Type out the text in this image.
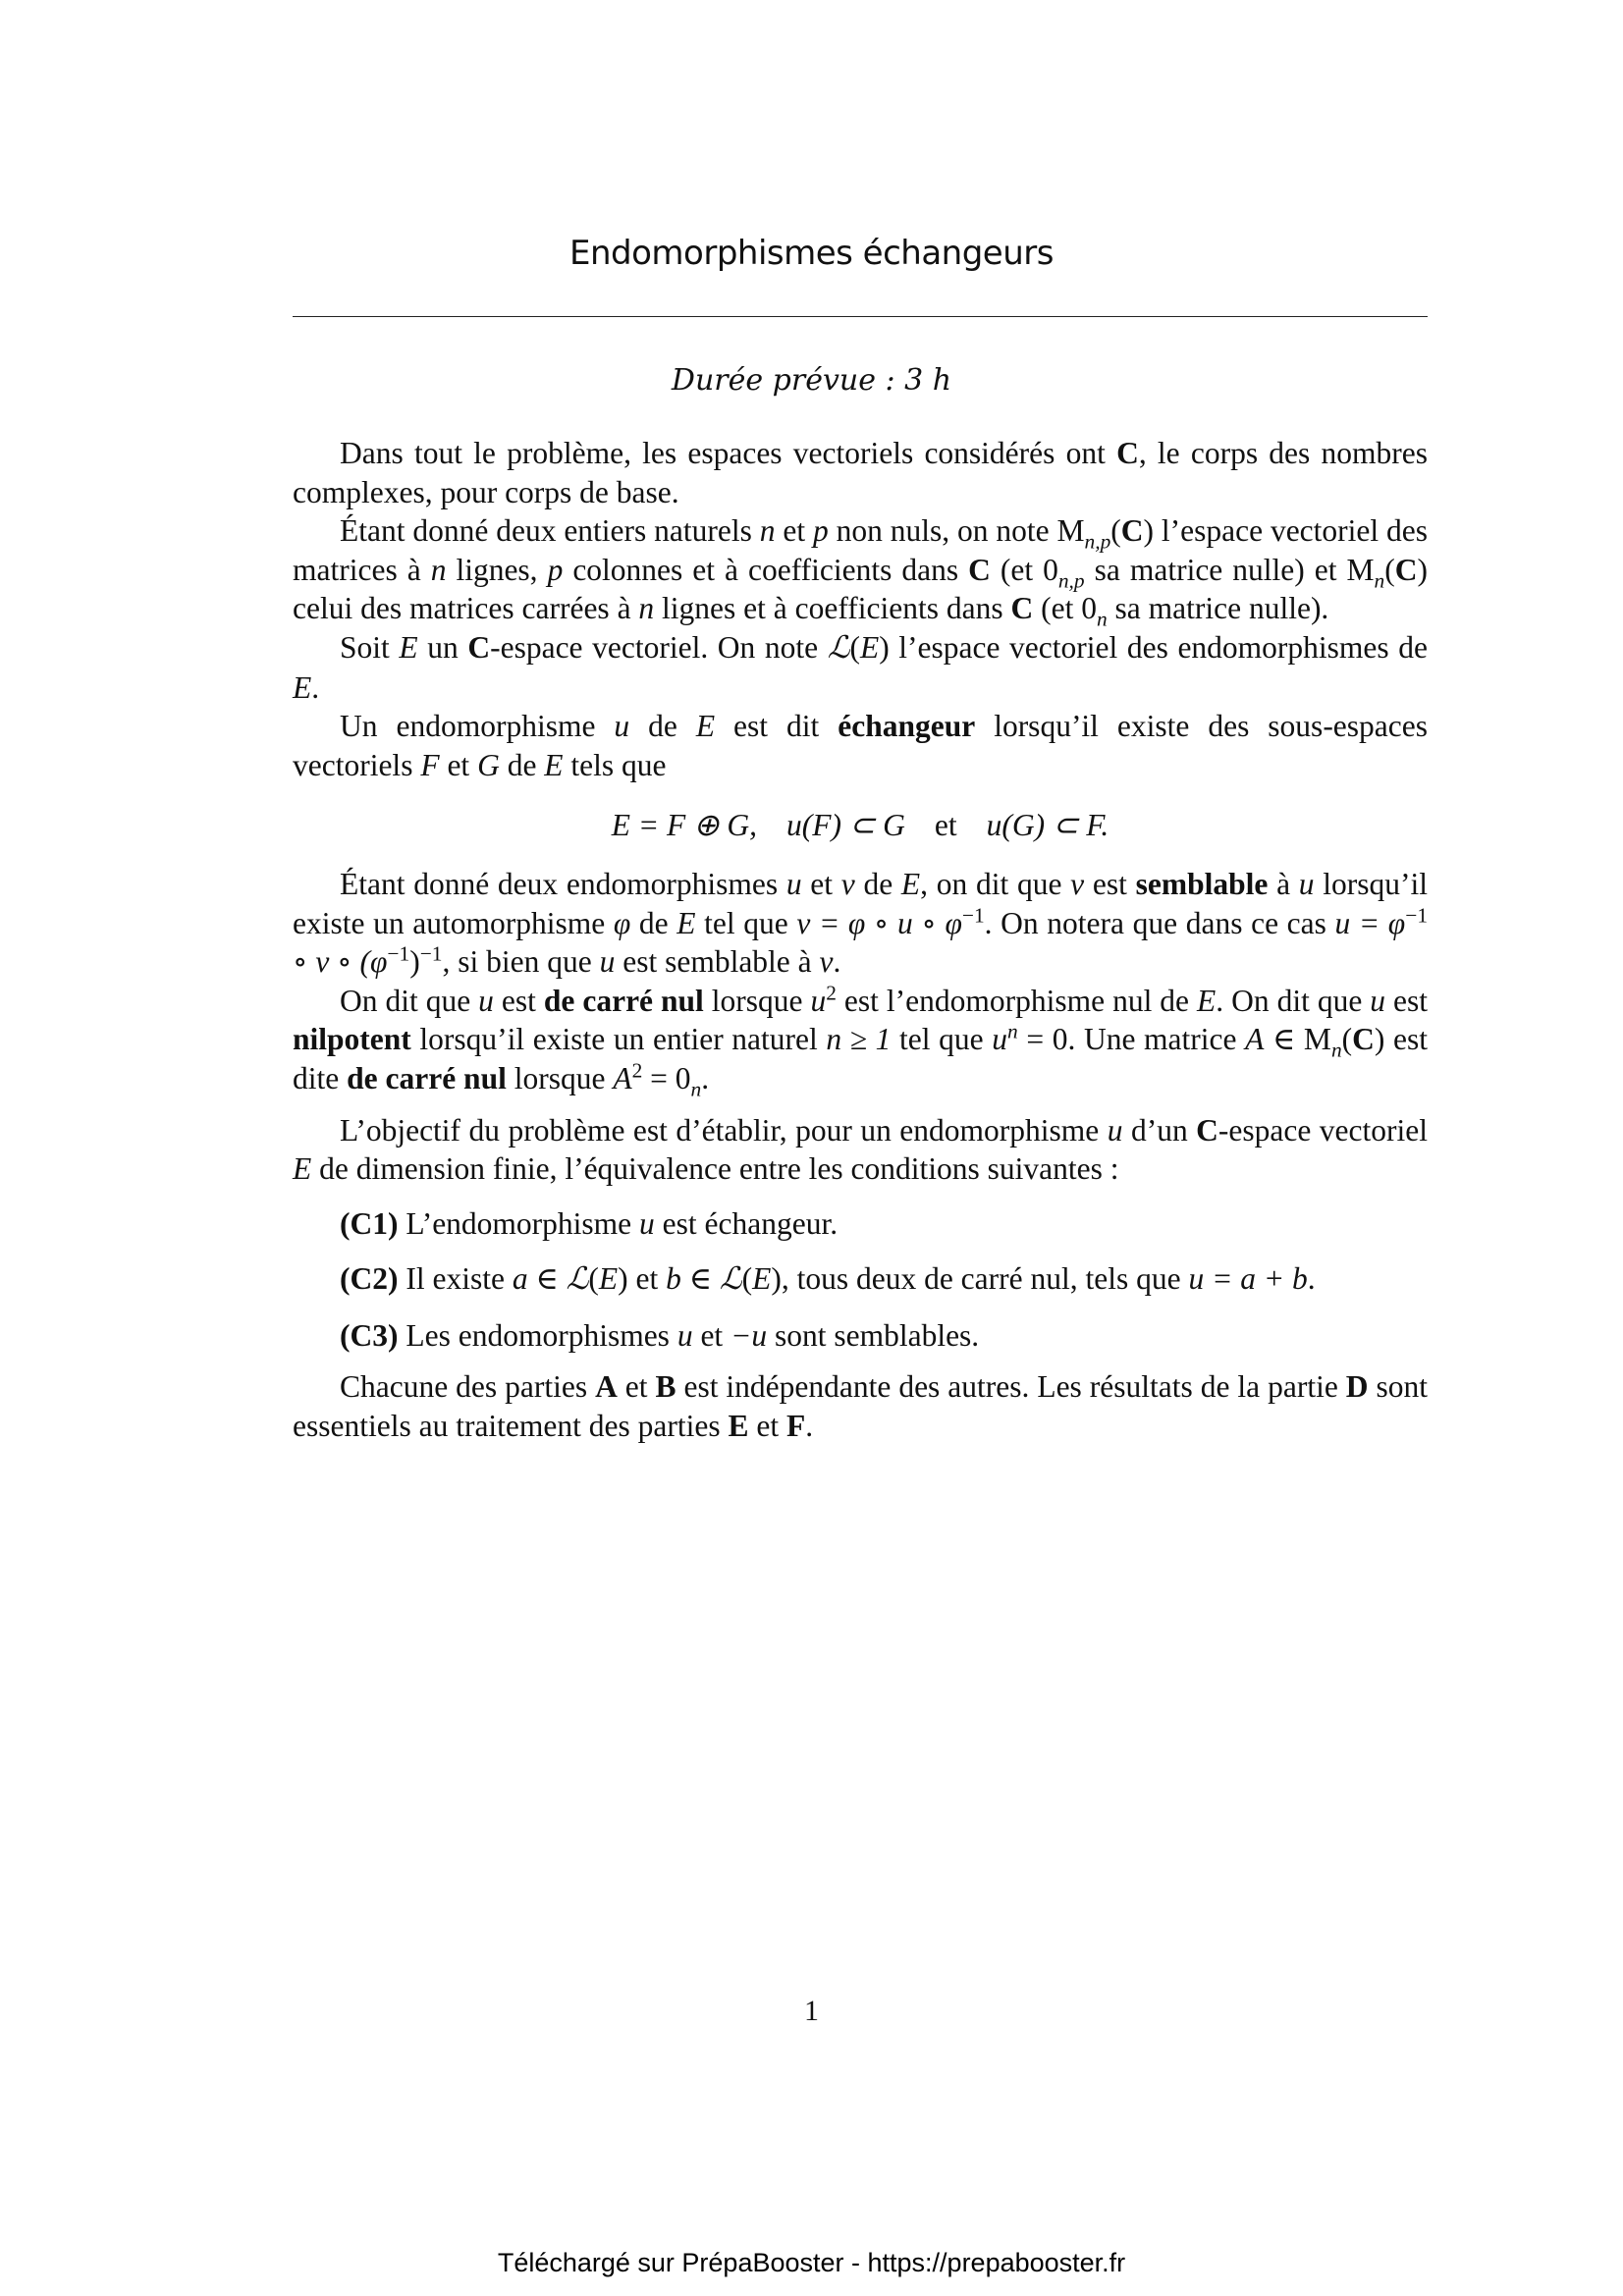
Endomorphismes échangeurs
Durée prévue : 3 h

Dans tout le problème, les espaces vectoriels considérés ont C, le corps des nombres complexes, pour corps de base.

Étant donné deux entiers naturels n et p non nuls, on note $M_{n,p}(C)$ l’espace vectoriel des matrices à n lignes, p colonnes et à coefficients dans C (et $0_{n,p}$ sa matrice nulle) et $M_n(C)$ celui des matrices carrées à n lignes et à coefficients dans C (et $0_n$ sa matrice nulle).

Soit E un C-espace vectoriel. On note ℒ(E) l’espace vectoriel des endomorphismes de E.

Un endomorphisme u de E est dit échangeur lorsqu’il existe des sous-espaces vectoriels F et G de E tels que

E = F ⊕ G, u(F) ⊂ G et u(G) ⊂ F.

Étant donné deux endomorphismes u et v de E, on dit que v est semblable à u lorsqu’il existe un automorphisme φ de E tel que v = φ ∘ u ∘ $\varphi^{-1}$. On notera que dans ce cas $u = \varphi^{-1}$ ∘ v ∘ $(\varphi^{-1})^{-1}$, si bien que u est semblable à v.

On dit que u est de carré nul lorsque $u^2$ est l’endomorphisme nul de E. On dit que u est nilpotent lorsqu’il existe un entier naturel n ≥ 1 tel que $u^n = 0$. Une matrice A ∈ $M_n(C)$ est dite de carré nul lorsque $A^2 = 0_n$.

L’objectif du problème est d’établir, pour un endomorphisme u d’un C-espace vectoriel E de dimension finie, l’équivalence entre les conditions suivantes :

(C1) L’endomorphisme u est échangeur.

(C2) Il existe a ∈ ℒ(E) et b ∈ ℒ(E), tous deux de carré nul, tels que u = a + b.

(C3) Les endomorphismes u et −u sont semblables.

Chacune des parties A et B est indépendante des autres. Les résultats de la partie D sont essentiels au traitement des parties E et F.

1
Téléchargé sur PrépaBooster - https://prepabooster.fr
